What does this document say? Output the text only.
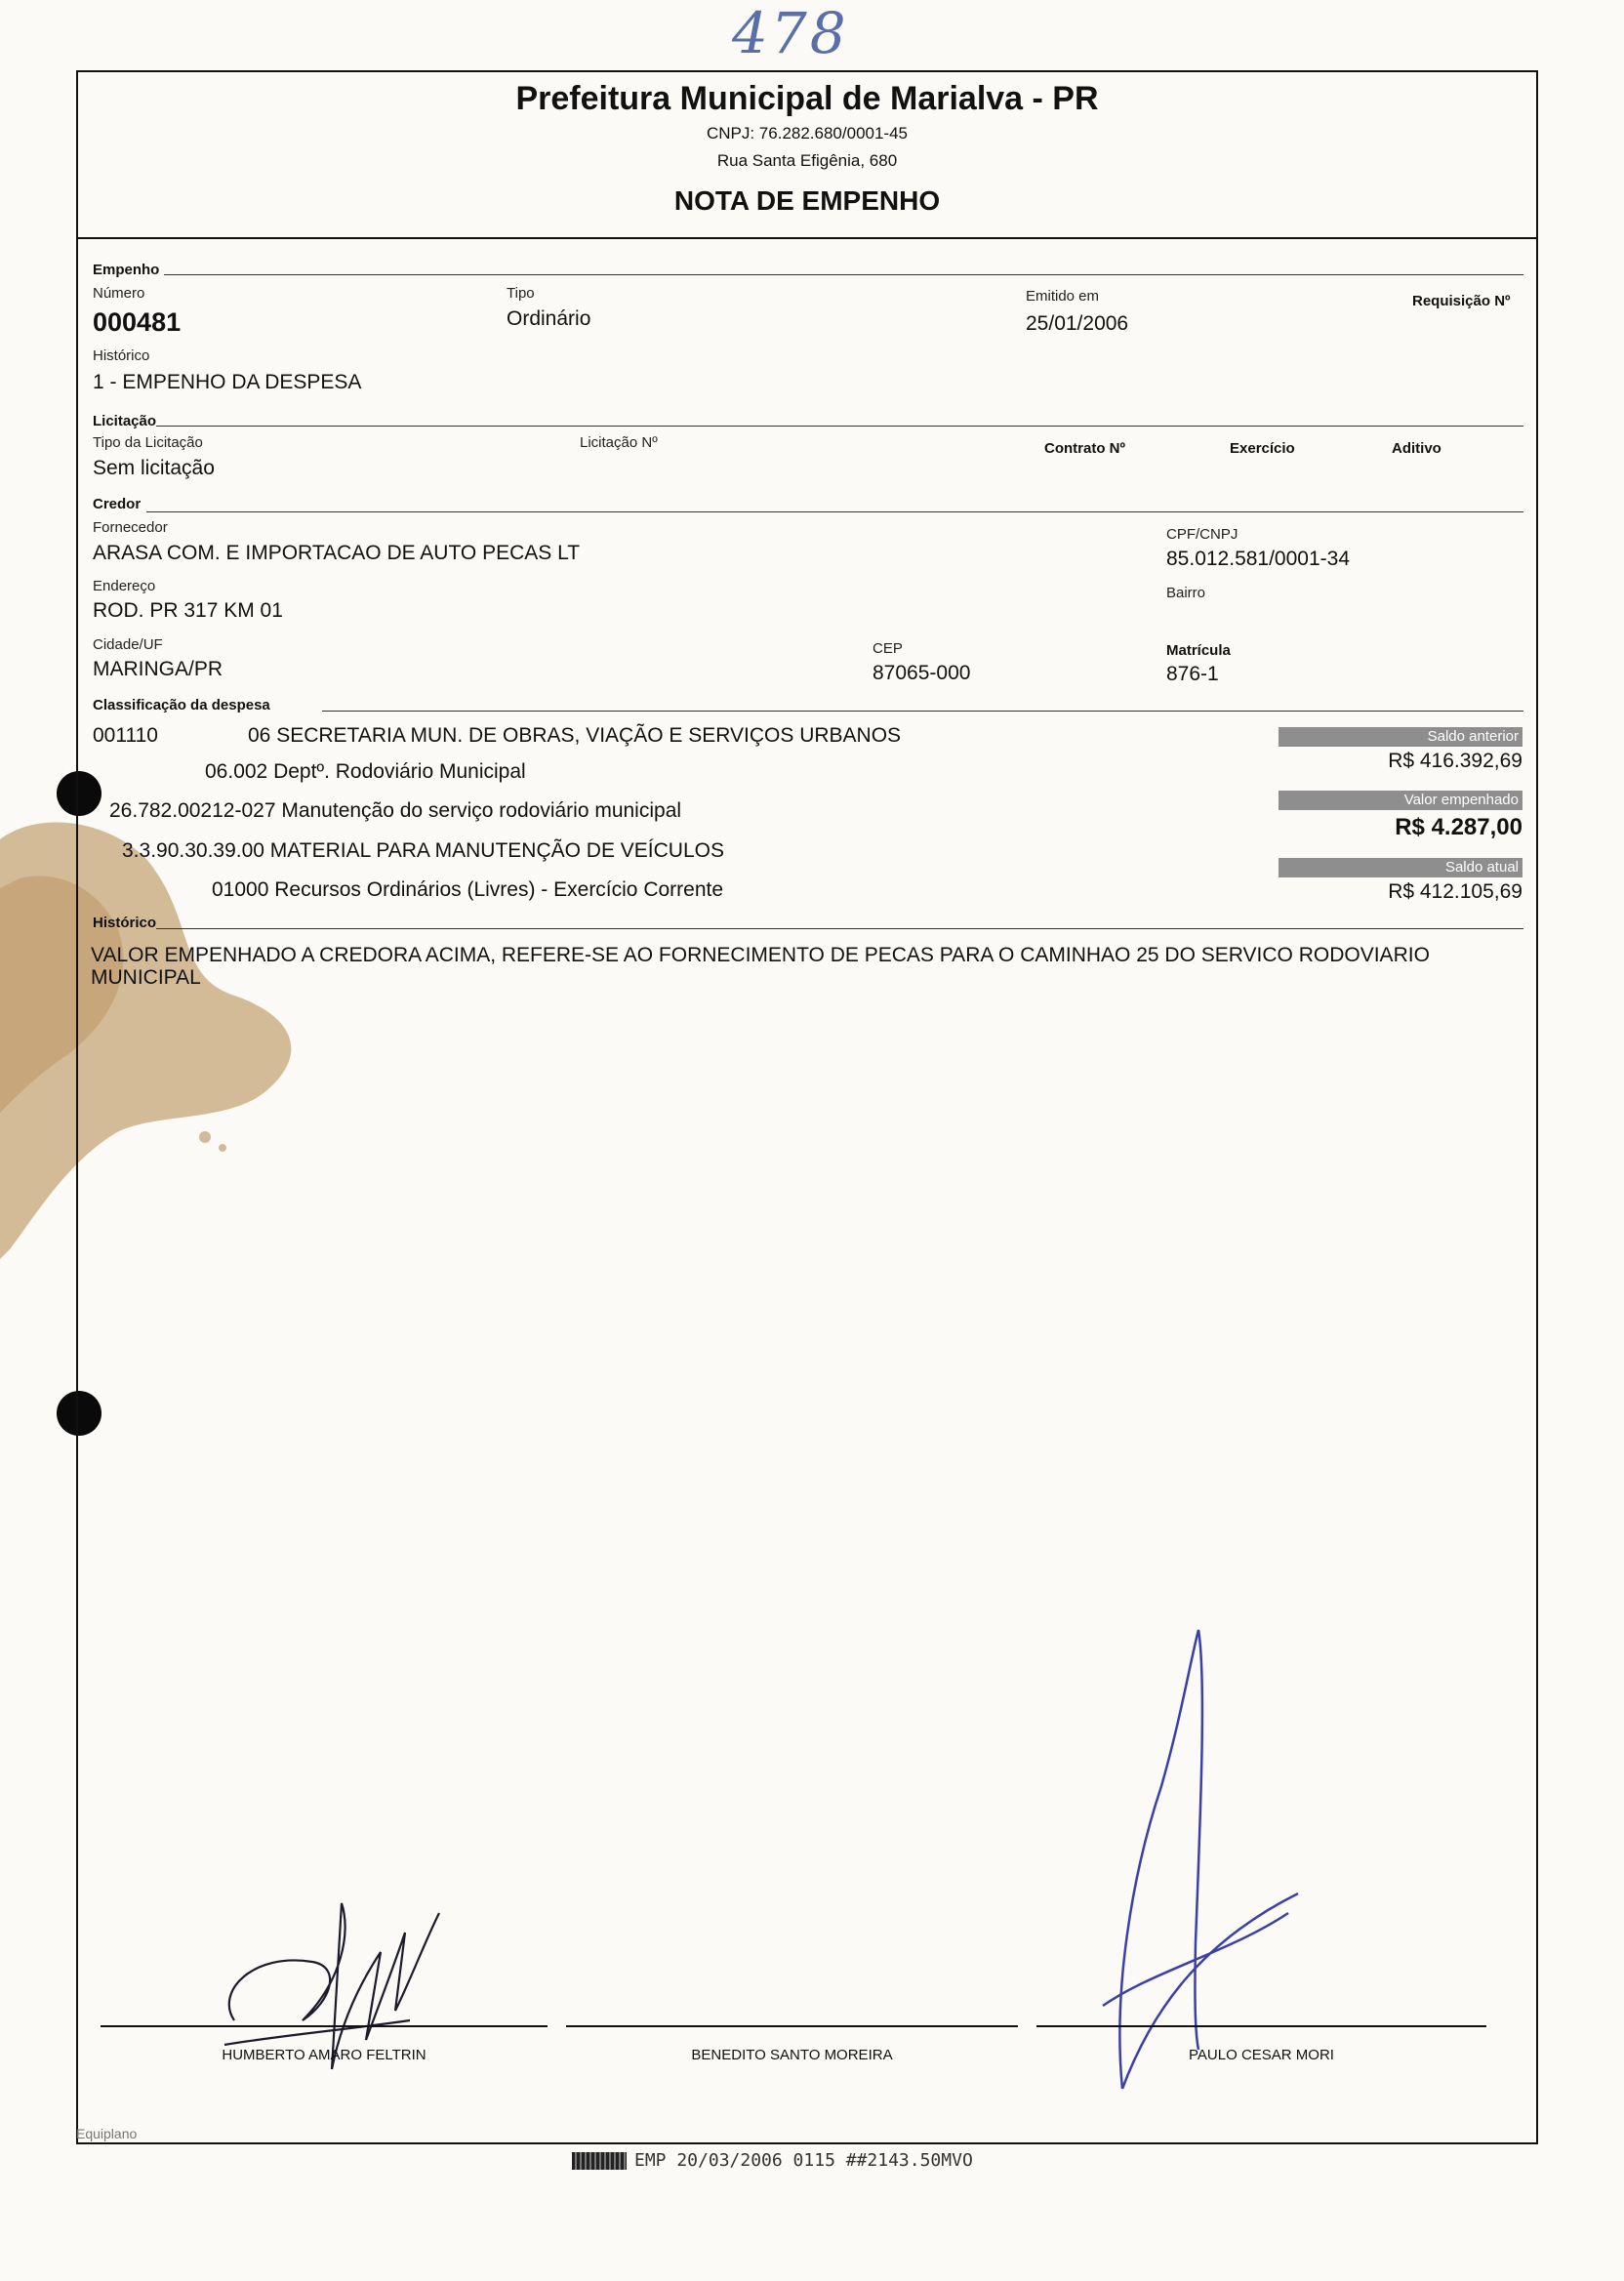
478
Prefeitura Municipal de Marialva - PR
CNPJ: 76.282.680/0001-45
Rua Santa Efigênia, 680
NOTA DE EMPENHO
Empenho
Número
000481
Tipo
Ordinário
Emitido em
25/01/2006
Requisição Nº
Histórico
1 - EMPENHO DA DESPESA
Licitação
Tipo da Licitação
Sem licitação
Licitação Nº	Contrato Nº	Exercício	Aditivo
Credor
Fornecedor
ARASA COM. E IMPORTACAO DE AUTO PECAS LT
CPF/CNPJ
85.012.581/0001-34
Endereço
ROD. PR 317 KM 01
Bairro
Cidade/UF
MARINGA/PR
CEP
87065-000
Matrícula
876-1
Classificação da despesa
001110	06 SECRETARIA MUN. DE OBRAS, VIAÇÃO E SERVIÇOS URBANOS
06.002 Deptº. Rodoviário Municipal
26.782.00212-027 Manutenção do serviço rodoviário municipal
3.3.90.30.39.00 MATERIAL PARA MANUTENÇÃO DE VEÍCULOS
01000 Recursos Ordinários (Livres) - Exercício Corrente
Saldo anterior
R$ 416.392,69
Valor empenhado
R$ 4.287,00
Saldo atual
R$ 412.105,69
Histórico
VALOR EMPENHADO A CREDORA ACIMA, REFERE-SE AO FORNECIMENTO DE PECAS PARA O CAMINHAO 25 DO SERVICO RODOVIARIO
MUNICIPAL
HUMBERTO AMARO FELTRIN	BENEDITO SANTO MOREIRA	PAULO CESAR MORI
Equiplano
EMP 20/03/2006 0115 ##2143.50MVO
